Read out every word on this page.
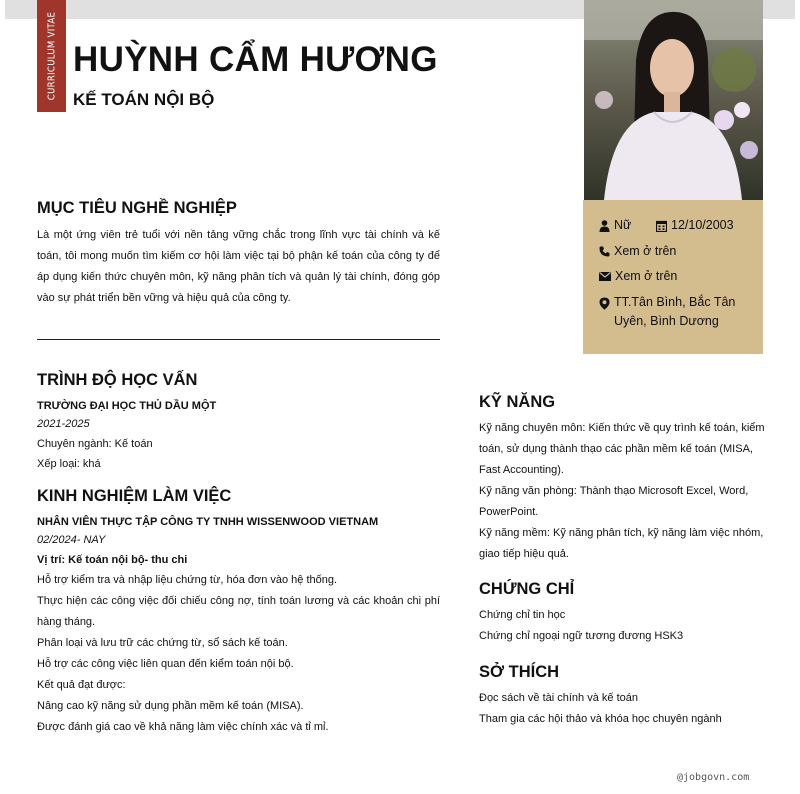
CURRICULUM VITAE HUỲNH CẨM HƯƠNG
KẾ TOÁN NỘI BỘ
Nữ	12/10/2003
Xem ở trên
Xem ở trên
TT.Tân Bình, Bắc Tân Uyên, Bình Dương
MỤC TIÊU NGHỀ NGHIỆP

Là một ứng viên trẻ tuổi với nền tảng vững chắc trong lĩnh vực tài chính và kế toán, tôi mong muốn tìm kiếm cơ hội làm việc tại bộ phận kế toán của công ty để áp dụng kiến thức chuyên môn, kỹ năng phân tích và quản lý tài chính, đóng góp vào sự phát triển bền vững và hiệu quả của công ty.

TRÌNH ĐỘ HỌC VẤN

TRƯỜNG ĐẠI HỌC THỦ DẦU MỘT

2021-2025

Chuyên ngành: Kế toán

Xếp loại: khá

KINH NGHIỆM LÀM VIỆC

NHÂN VIÊN THỰC TẬP CÔNG TY TNHH WISSENWOOD VIETNAM

02/2024- NAY

Vị trí: Kế toán nội bộ- thu chi

Hỗ trợ kiểm tra và nhập liệu chứng từ, hóa đơn vào hệ thống.

Thực hiện các công việc đối chiếu công nợ, tính toán lương và các khoản chi phí hàng tháng.

Phân loại và lưu trữ các chứng từ, sổ sách kế toán.

Hỗ trợ các công việc liên quan đến kiểm toán nội bộ.

Kết quả đạt được:

Nâng cao kỹ năng sử dụng phần mềm kế toán (MISA).

Được đánh giá cao về khả năng làm việc chính xác và tỉ mỉ.

KỸ NĂNG

Kỹ năng chuyên môn: Kiến thức về quy trình kế toán, kiểm toán, sử dụng thành thạo các phần mềm kế toán (MISA, Fast Accounting).

Kỹ năng văn phòng: Thành thạo Microsoft Excel, Word, PowerPoint.

Kỹ năng mềm: Kỹ năng phân tích, kỹ năng làm việc nhóm, giao tiếp hiệu quả.

CHỨNG CHỈ

Chứng chỉ tin học

Chứng chỉ ngoại ngữ tương đương HSK3

SỞ THÍCH

Đọc sách về tài chính và kế toán

Tham gia các hội thảo và khóa học chuyên ngành

@jobgovn.com
